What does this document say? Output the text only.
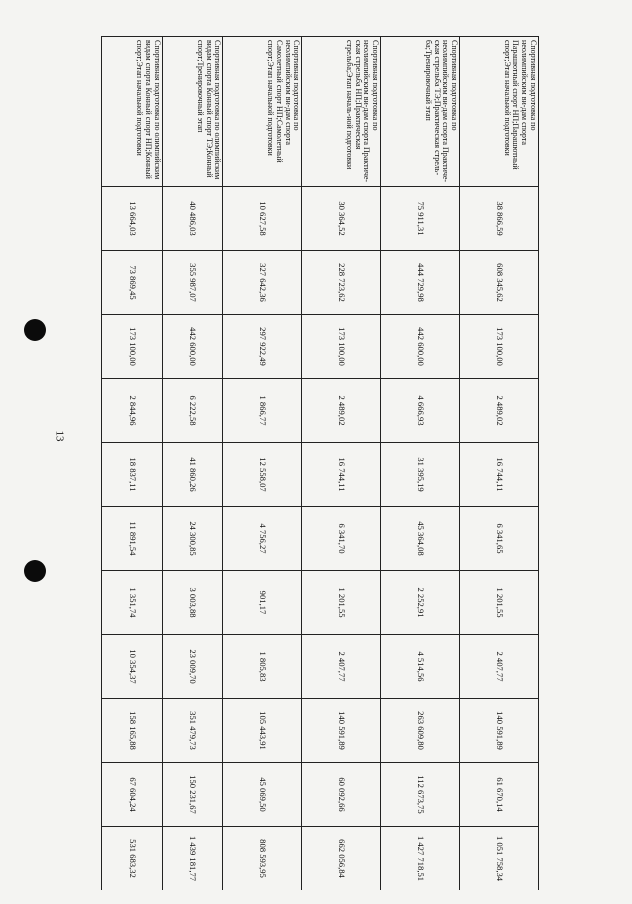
13
Спортивная подготовка по неолимпийским ви-дам спорта Парашютный спорт НП;Парашютный спорт;Этап начальной подготовки	38 866,59	608 345,62	173 100,00	2 489,02	16 744,11	6 341,65	1 201,55	2 407,77	140 591,89	61 670,14	1 051 758,34
Спортивная подготовка по неолимпийским ви-дам спорта Практиче-ская стрельба ТЭ;Практическая стрель-ба;Тренировочный этап	75 911,31	444 729,98	442 600,00	4 666,93	31 395,19	45 364,08	2 252,91	4 514,56	263 609,80	112 673,75	1 427 718,51
Спортивная подготовка по неолимпийским ви-дам спорта Практиче-ская стрельба НП;Практическая стрельба;Этап началь-ной подготовки	30 364,52	228 723,62	173 100,00	2 489,02	16 744,11	6 341,70	1 201,55	2 407,77	140 591,89	60 092,66	662 056,84
Спортивная подготовка по неолимпийским ви-дам спорта Самолетный спорт НП;Самолетный спорт;Этап начальной подготовки	10 627,58	327 642,36	297 922,49	1 866,77	12 558,07	4 756,27	901,17	1 805,83	105 443,91	45 069,50	808 593,95
Спортивная подготовка по олимпийским видам спорта Конный спорт ТЭ;Конный спорт;Тренировочный этап	40 486,03	355 987,07	442 600,00	6 222,58	41 860,26	24 300,85	3 003,88	23 009,70	351 479,73	150 231,67	1 439 181,77
Спортивная подготовка по олимпийским видам спорта Конный спорт НП;Конный спорт;Этап начальной подготовки	13 664,03	73 869,45	173 100,00	2 844,96	18 837,11	11 891,54	1 351,74	10 354,37	158 165,88	67 604,24	531 683,32
